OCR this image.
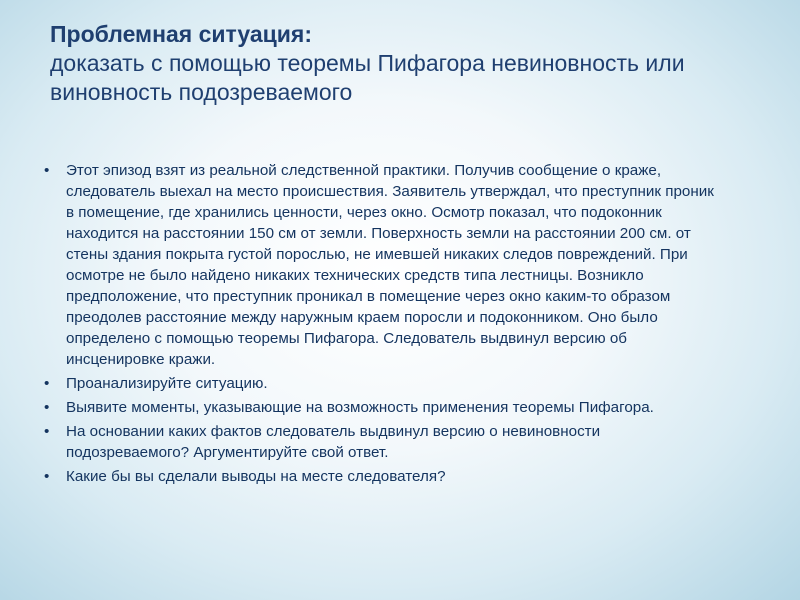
Проблемная ситуация:
доказать с помощью теоремы Пифагора невиновность или виновность подозреваемого
• Этот эпизод взят из реальной следственной практики. Получив сообщение о краже, следователь выехал на место происшествия. Заявитель утверждал, что преступник проник в помещение, где хранились ценности, через окно. Осмотр показал, что подоконник находится на расстоянии 150 см от земли. Поверхность земли на расстоянии 200 см. от стены здания покрыта густой порослью, не имевшей никаких следов повреждений. При осмотре не было найдено никаких технических средств типа лестницы. Возникло предположение, что преступник проникал в помещение через окно каким-то образом преодолев расстояние между наружным краем поросли и подоконником. Оно было определено с помощью теоремы Пифагора. Следователь выдвинул версию об инсценировке кражи.
• Проанализируйте ситуацию.
• Выявите моменты, указывающие на возможность применения теоремы Пифагора.
• На основании каких фактов следователь выдвинул версию о невиновности подозреваемого? Аргументируйте свой ответ.
• Какие бы вы сделали выводы на месте следователя?
